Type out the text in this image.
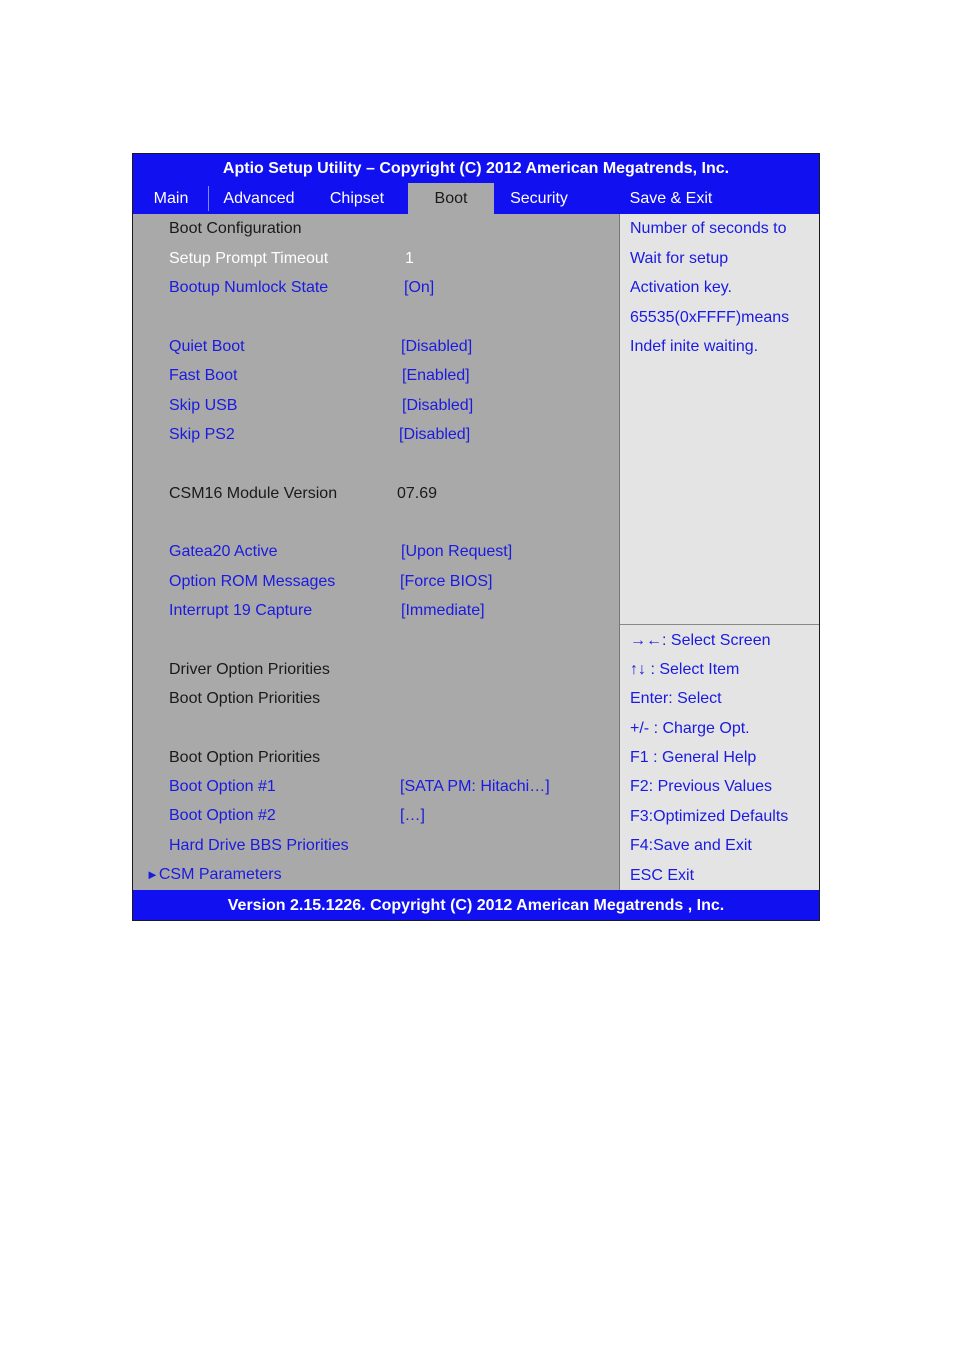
Aptio Setup Utility – Copyright (C) 2012 American Megatrends, Inc.
Main	Advanced	Chipset	Boot	Security	Save & Exit
Boot Configuration
Setup Prompt Timeout	1
Bootup Numlock State	[On]
Quiet Boot	[Disabled]
Fast Boot	[Enabled]
Skip USB	[Disabled]
Skip PS2	[Disabled]
CSM16 Module Version	07.69
Gatea20 Active	[Upon Request]
Option ROM Messages	[Force BIOS]
Interrupt 19 Capture	[Immediate]
Driver Option Priorities
Boot Option Priorities
Boot Option Priorities
Boot Option #1	[SATA PM: Hitachi…]
Boot Option #2	[…]
Hard Drive BBS Priorities
►CSM Parameters
Number of seconds to
Wait for setup
Activation key.
65535(0xFFFF)means
Indef inite waiting.
→←: Select Screen
↑↓ : Select Item
Enter: Select
+/- : Charge Opt.
F1 : General Help
F2: Previous Values
F3:Optimized Defaults
F4:Save and Exit
ESC Exit
Version 2.15.1226. Copyright (C) 2012 American Megatrends , Inc.
